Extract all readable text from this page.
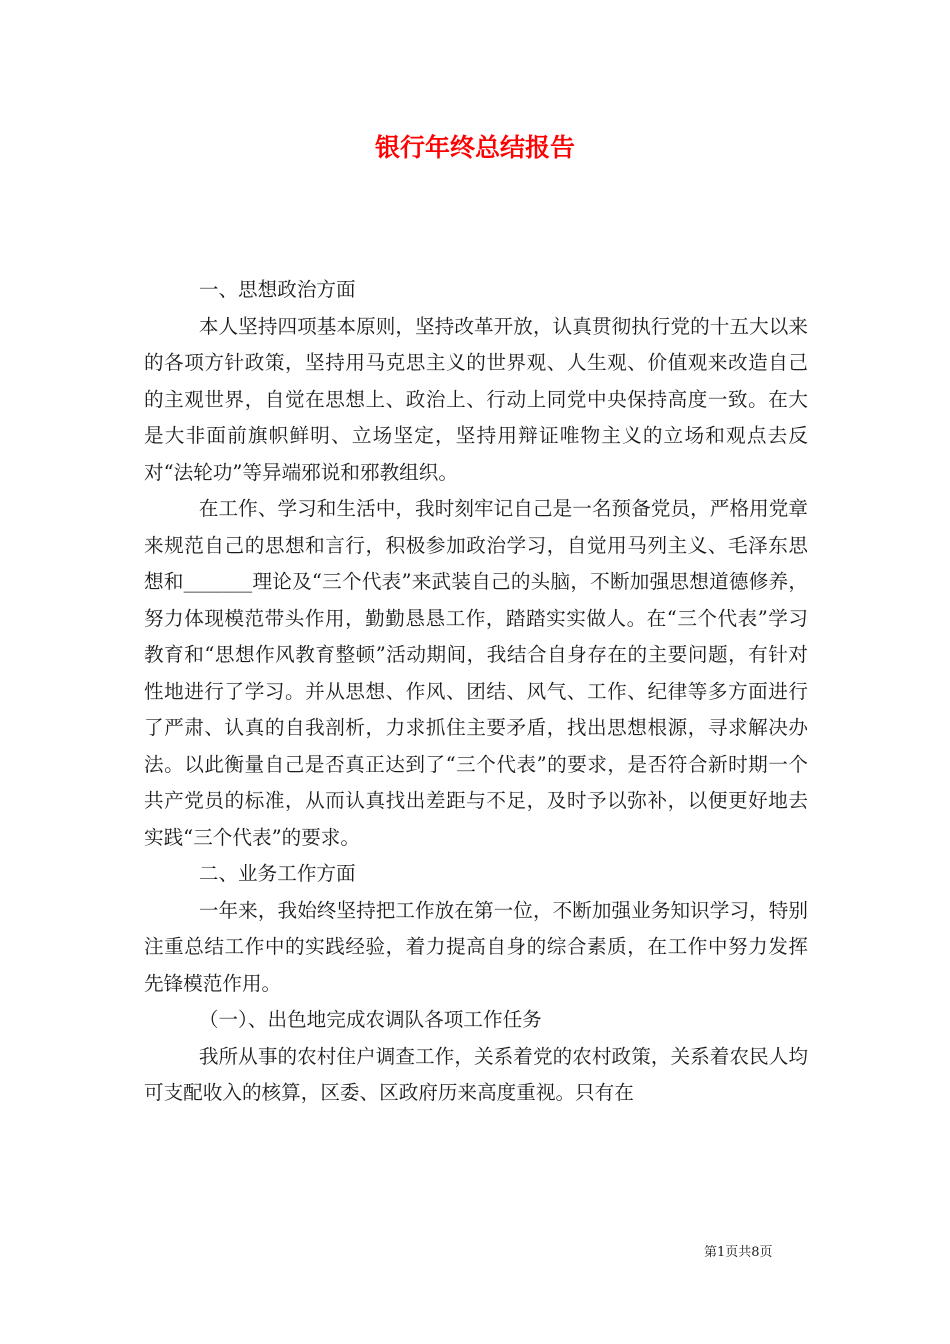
银行年终总结报告

一、思想政治方面

本人坚持四项基本原则，坚持改革开放，认真贯彻执行党的十五大以来的各项方针政策，坚持用马克思主义的世界观、人生观、价值观来改造自己的主观世界，自觉在思想上、政治上、行动上同党中央保持高度一致。在大是大非面前旗帜鲜明、立场坚定，坚持用辩证唯物主义的立场和观点去反对“法轮功”等异端邪说和邪教组织。

在工作、学习和生活中，我时刻牢记自己是一名预备党员，严格用党章来规范自己的思想和言行，积极参加政治学习，自觉用马列主义、毛泽东思想和_______理论及“三个代表”来武装自己的头脑，不断加强思想道德修养，努力体现模范带头作用，勤勤恳恳工作，踏踏实实做人。在“三个代表”学习教育和“思想作风教育整顿”活动期间，我结合自身存在的主要问题，有针对性地进行了学习。并从思想、作风、团结、风气、工作、纪律等多方面进行了严肃、认真的自我剖析，力求抓住主要矛盾，找出思想根源，寻求解决办法。以此衡量自己是否真正达到了“三个代表”的要求，是否符合新时期一个共产党员的标准，从而认真找出差距与不足，及时予以弥补，以便更好地去实践“三个代表”的要求。

二、业务工作方面

一年来，我始终坚持把工作放在第一位，不断加强业务知识学习，特别注重总结工作中的实践经验，着力提高自身的综合素质，在工作中努力发挥先锋模范作用。

（一）、出色地完成农调队各项工作任务

我所从事的农村住户调查工作，关系着党的农村政策，关系着农民人均可支配收入的核算，区委、区政府历来高度重视。只有在

第1页共8页
